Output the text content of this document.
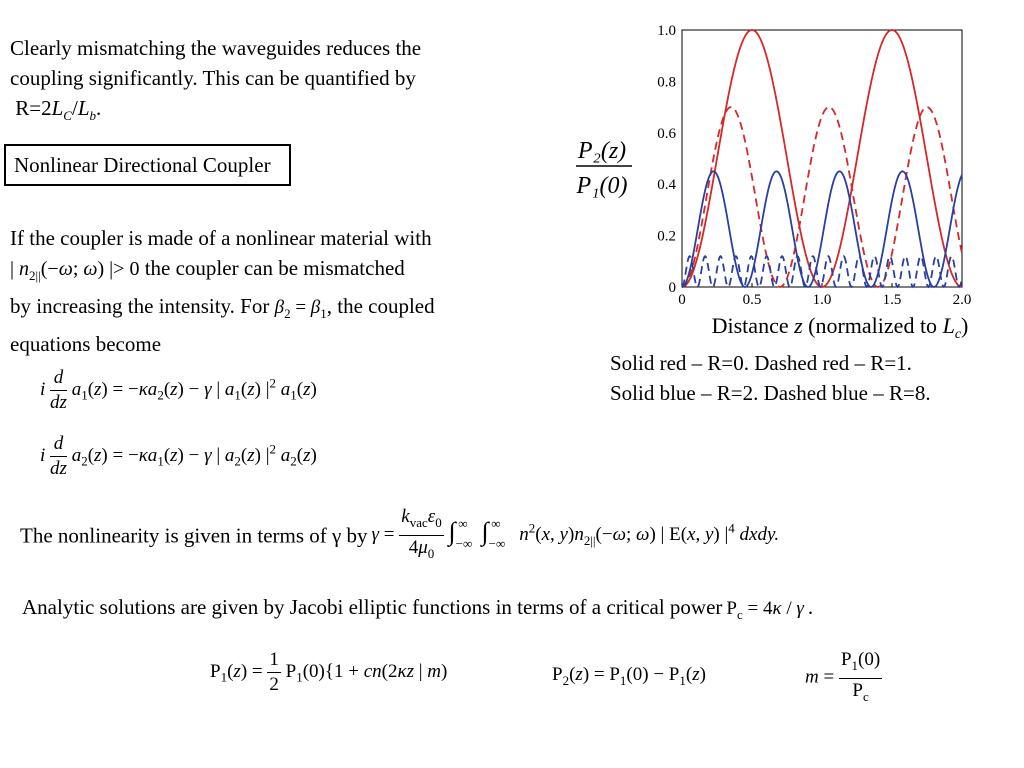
Clearly mismatching the waveguides reduces the
coupling significantly. This can be quantified by
$R=2L_C/L_b$.
Nonlinear Directional Coupler
If the coupler is made of a nonlinear material with
| $n_{2||}(-\omega$; ω) |> 0 the coupler can be mismatched
by increasing the intensity. For $\beta_2 = \beta_1$, the coupled
equations become
i $\frac{d}{dz} a_1(z) = -\kappa a_2(z) - \gamma$ | $a_1(z)$ $|^2$ $a_1(z)$
i $\frac{d}{dz} a_2(z) = -\kappa a_1(z) - \gamma$ | $a_2(z)$ $|^2$ $a_2(z)$
The nonlinearity is given in terms of γ by $\gamma = \frac{k_{vac}\varepsilon_0}{4\mu_0} \int_{-\infty}^\infty$ $\int_{-\infty}^\infty$ $n^2(x$, $y)n_{2||}(-\omega$; ω) | E(x, y) $|^4$ dxdy.
Analytic solutions are given by Jacobi elliptic functions in terms of a critical power $P_c = 4\kappa / \gamma$ .
$P_1(z) = \frac{1}{2} P_1(0)\{1 + cn(2\kappa z$ | m)	$P_2(z) = P_1(0) - P_1(z)$	$m = \frac{P_1(0)}{P_c}$
P₂(z)
P₁(0)
0	0.5	1.0	1.5	2.0
0
0.2
0.4
0.6
0.8
1.0
Distance z (normalized to $L_c$)
Solid red – R=0. Dashed red – R=1.
Solid blue – R=2. Dashed blue – R=8.
